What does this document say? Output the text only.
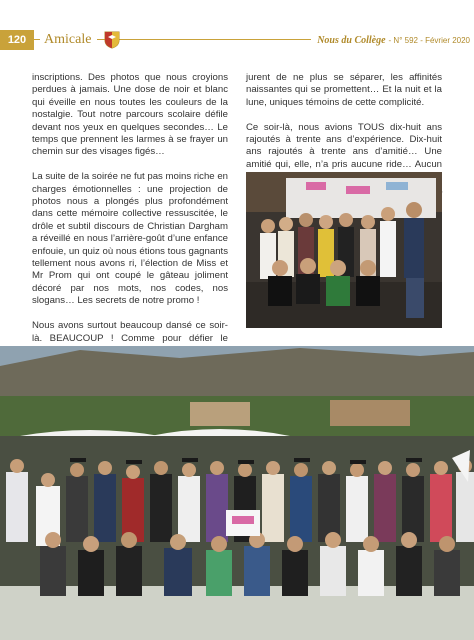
120	Amicale	Nous du Collège - N° 592 - Février 2020

inscriptions. Des photos que nous croyions perdues à jamais. Une dose de noir et blanc qui éveille en nous toutes les couleurs de la nostalgie. Tout notre parcours scolaire défile devant nos yeux en quelques secondes… Le temps que prennent les larmes à se frayer un chemin sur des visages figés…

La suite de la soirée ne fut pas moins riche en charges émotionnelles : une projection de photos nous a plongés plus profondément dans cette mémoire collective ressuscitée, le drôle et subtil discours de Christian Dargham a réveillé en nous l’arrière-goût d’une enfance enfouie, un quiz où nous étions tous gagnants tellement nous avons ri, l’élection de Miss et Mr Prom qui ont coupé le gâteau joliment décoré par nos mots, nos codes, nos slogans… Les secrets de notre promo !

Nous avons surtout beaucoup dansé ce soir-là. BEAUCOUP ! Comme pour défier le

jurent de ne plus se séparer, les affinités naissantes qui se promettent… Et la nuit et la lune, uniques témoins de cette complicité.

Ce soir-là, nous avions TOUS dix-huit ans rajoutés à trente ans d’expérience. Dix-huit ans rajoutés à trente ans d’amitié… Une amitié qui, elle, n’a pris aucune ride… Aucun
